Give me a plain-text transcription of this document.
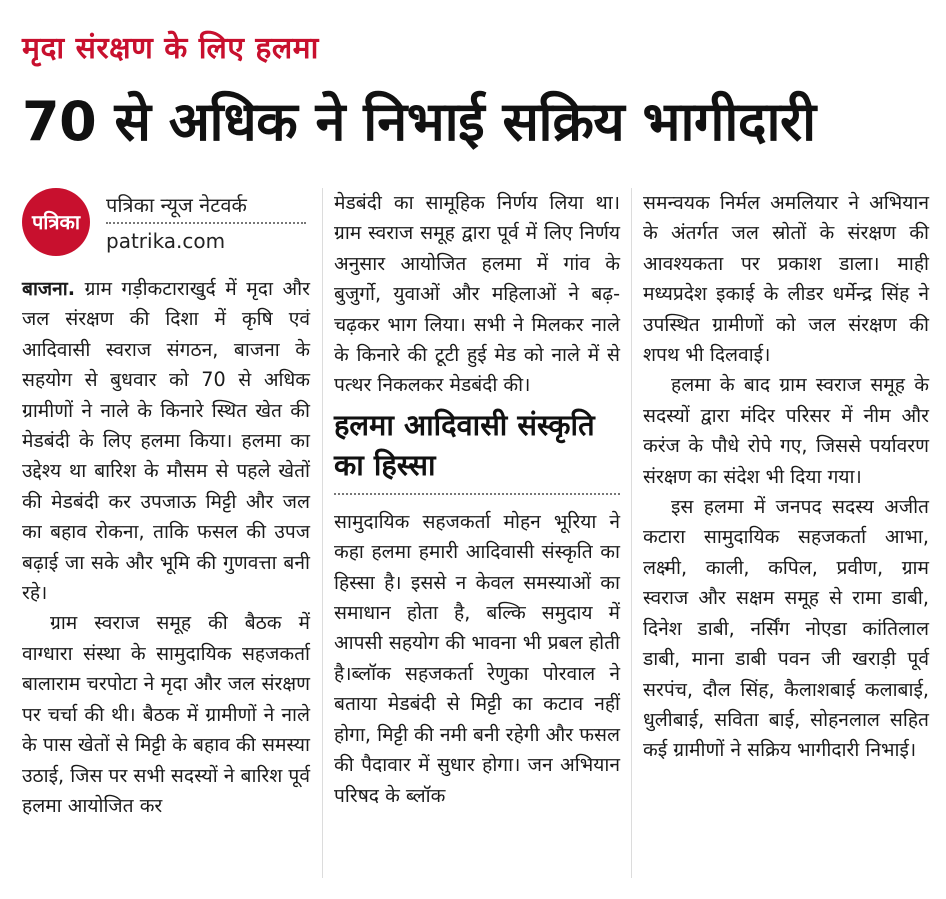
मृदा संरक्षण के लिए हलमा
70 से अधिक ने निभाई सक्रिय भागीदारी
पत्रिका
पत्रिका न्यूज नेटवर्क
patrika.com

बाजना. ग्राम गड़ीकटाराखुर्द में मृदा और जल संरक्षण की दिशा में कृषि एवं आदिवासी स्वराज संगठन, बाजना के सहयोग से बुधवार को 70 से अधिक ग्रामीणों ने नाले के किनारे स्थित खेत की मेडबंदी के लिए हलमा किया। हलमा का उद्देश्य था बारिश के मौसम से पहले खेतों की मेडबंदी कर उपजाऊ मिट्टी और जल का बहाव रोकना, ताकि फसल की उपज बढ़ाई जा सके और भूमि की गुणवत्ता बनी रहे।

ग्राम स्वराज समूह की बैठक में वाग्धारा संस्था के सामुदायिक सहजकर्ता बालाराम चरपोटा ने मृदा और जल संरक्षण पर चर्चा की थी। बैठक में ग्रामीणों ने नाले के पास खेतों से मिट्टी के बहाव की समस्या उठाई, जिस पर सभी सदस्यों ने बारिश पूर्व हलमा आयोजित कर

मेडबंदी का सामूहिक निर्णय लिया था। ग्राम स्वराज समूह द्वारा पूर्व में लिए निर्णय अनुसार आयोजित हलमा में गांव के बुजुर्गो, युवाओं और महिलाओं ने बढ़-चढ़कर भाग लिया। सभी ने मिलकर नाले के किनारे की टूटी हुई मेड को नाले में से पत्थर निकलकर मेडबंदी की।

हलमा आदिवासी संस्कृति का हिस्सा

सामुदायिक सहजकर्ता मोहन भूरिया ने कहा हलमा हमारी आदिवासी संस्कृति का हिस्सा है। इससे न केवल समस्याओं का समाधान होता है, बल्कि समुदाय में आपसी सहयोग की भावना भी प्रबल होती है।ब्लॉक सहजकर्ता रेणुका पोरवाल ने बताया मेडबंदी से मिट्टी का कटाव नहीं होगा, मिट्टी की नमी बनी रहेगी और फसल की पैदावार में सुधार होगा। जन अभियान परिषद के ब्लॉक

समन्वयक निर्मल अमलियार ने अभियान के अंतर्गत जल स्रोतों के संरक्षण की आवश्यकता पर प्रकाश डाला। माही मध्यप्रदेश इकाई के लीडर धर्मेन्द्र सिंह ने उपस्थित ग्रामीणों को जल संरक्षण की शपथ भी दिलवाई।

हलमा के बाद ग्राम स्वराज समूह के सदस्यों द्वारा मंदिर परिसर में नीम और करंज के पौधे रोपे गए, जिससे पर्यावरण संरक्षण का संदेश भी दिया गया।

इस हलमा में जनपद सदस्य अजीत कटारा सामुदायिक सहजकर्ता आभा, लक्ष्मी, काली, कपिल, प्रवीण, ग्राम स्वराज और सक्षम समूह से रामा डाबी, दिनेश डाबी, नर्सिंग नोएडा कांतिलाल डाबी, माना डाबी पवन जी खराड़ी पूर्व सरपंच, दौल सिंह, कैलाशबाई कलाबाई, धुलीबाई, सविता बाई, सोहनलाल सहित कई ग्रामीणों ने सक्रिय भागीदारी निभाई।
